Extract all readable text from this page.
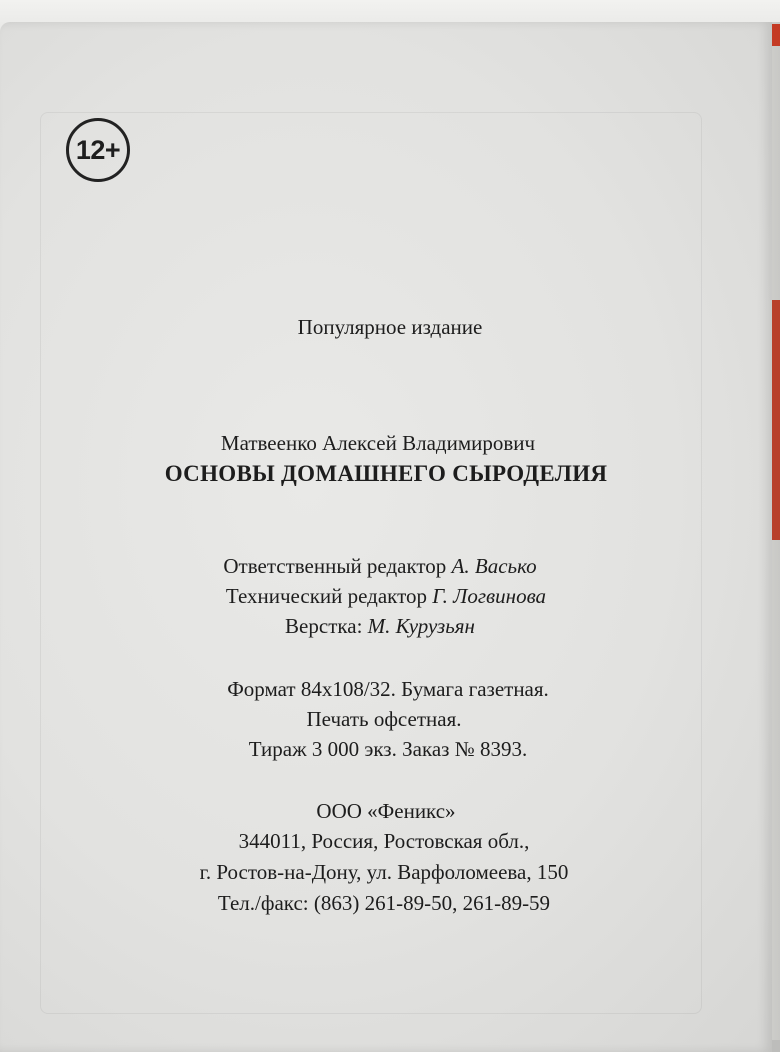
12+
Популярное издание
Матвеенко Алексей Владимирович
ОСНОВЫ ДОМАШНЕГО СЫРОДЕЛИЯ
Ответственный редактор А. Васько
Технический редактор Г. Логвинова
Верстка: М. Курузьян
Формат 84x108/32. Бумага газетная.
Печать офсетная.
Тираж 3 000 экз. Заказ № 8393.
ООО «Феникс»
344011, Россия, Ростовская обл.,
г. Ростов-на-Дону, ул. Варфоломеева, 150
Тел./факс: (863) 261-89-50, 261-89-59
